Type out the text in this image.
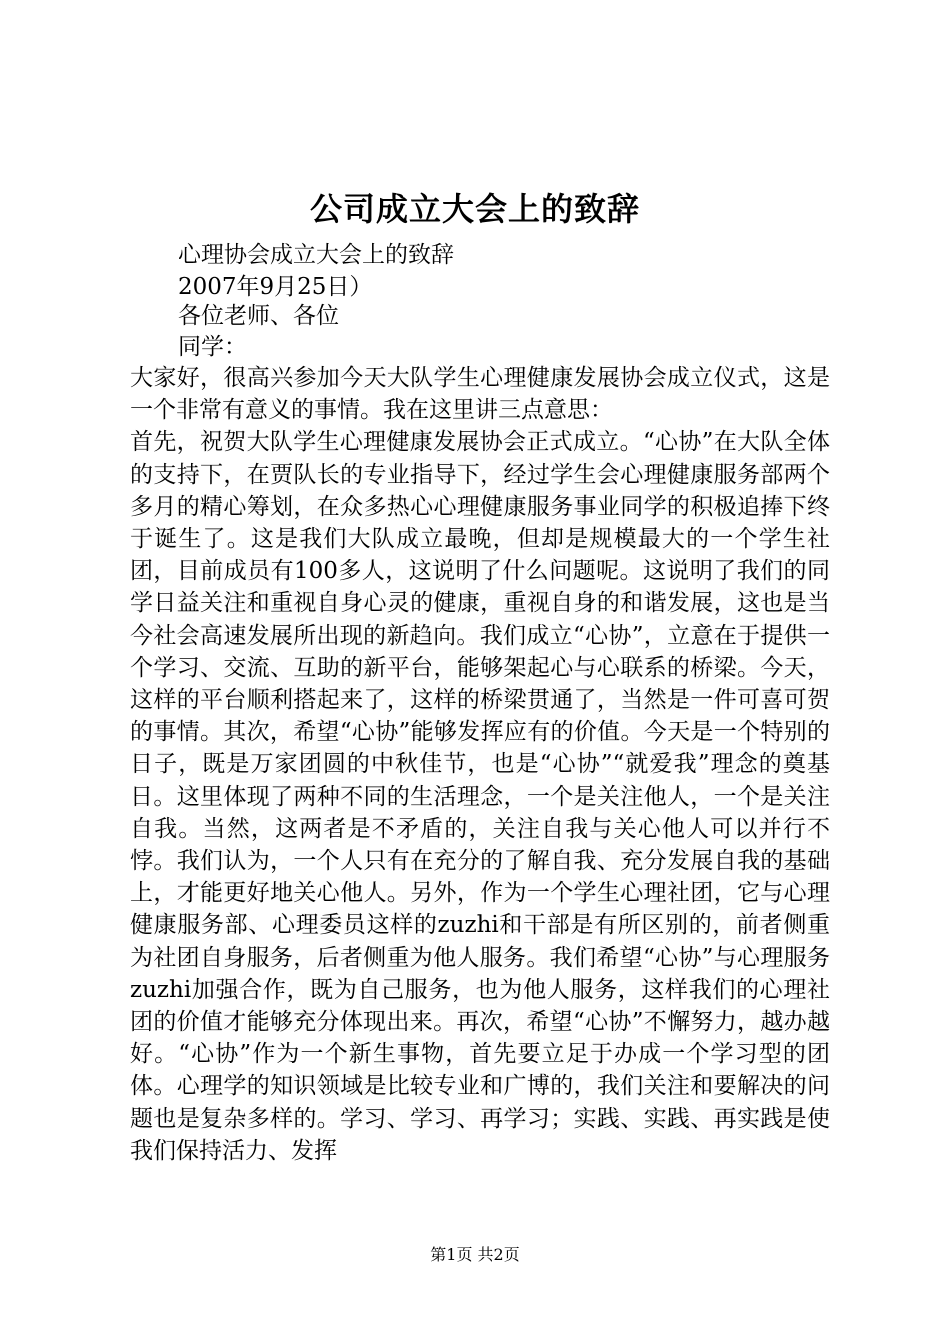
公司成立大会上的致辞
心理协会成立大会上的致辞
2007年9月25日）
各位老师、各位
同学：

大家好，很高兴参加今天大队学生心理健康发展协会成立仪式，这是一个非常有意义的事情。我在这里讲三点意思：

首先，祝贺大队学生心理健康发展协会正式成立。“心协”在大队全体的支持下，在贾队长的专业指导下，经过学生会心理健康服务部两个多月的精心筹划，在众多热心心理健康服务事业同学的积极追捧下终于诞生了。这是我们大队成立最晚，但却是规模最大的一个学生社团，目前成员有100多人，这说明了什么问题呢。这说明了我们的同学日益关注和重视自身心灵的健康，重视自身的和谐发展，这也是当今社会高速发展所出现的新趋向。我们成立“心协”，立意在于提供一个学习、交流、互助的新平台，能够架起心与心联系的桥梁。今天，这样的平台顺利搭起来了，这样的桥梁贯通了，当然是一件可喜可贺的事情。其次，希望“心协”能够发挥应有的价值。今天是一个特别的日子，既是万家团圆的中秋佳节，也是“心协”“就爱我”理念的奠基日。这里体现了两种不同的生活理念，一个是关注他人，一个是关注自我。当然，这两者是不矛盾的，关注自我与关心他人可以并行不悖。我们认为，一个人只有在充分的了解自我、充分发展自我的基础上，才能更好地关心他人。另外，作为一个学生心理社团，它与心理健康服务部、心理委员这样的zuzhi和干部是有所区别的，前者侧重为社团自身服务，后者侧重为他人服务。我们希望“心协”与心理服务zuzhi加强合作，既为自己服务，也为他人服务，这样我们的心理社团的价值才能够充分体现出来。再次，希望“心协”不懈努力，越办越好。“心协”作为一个新生事物，首先要立足于办成一个学习型的团体。心理学的知识领域是比较专业和广博的，我们关注和要解决的问题也是复杂多样的。学习、学习、再学习；实践、实践、再实践是使我们保持活力、发挥

第1页 共2页
